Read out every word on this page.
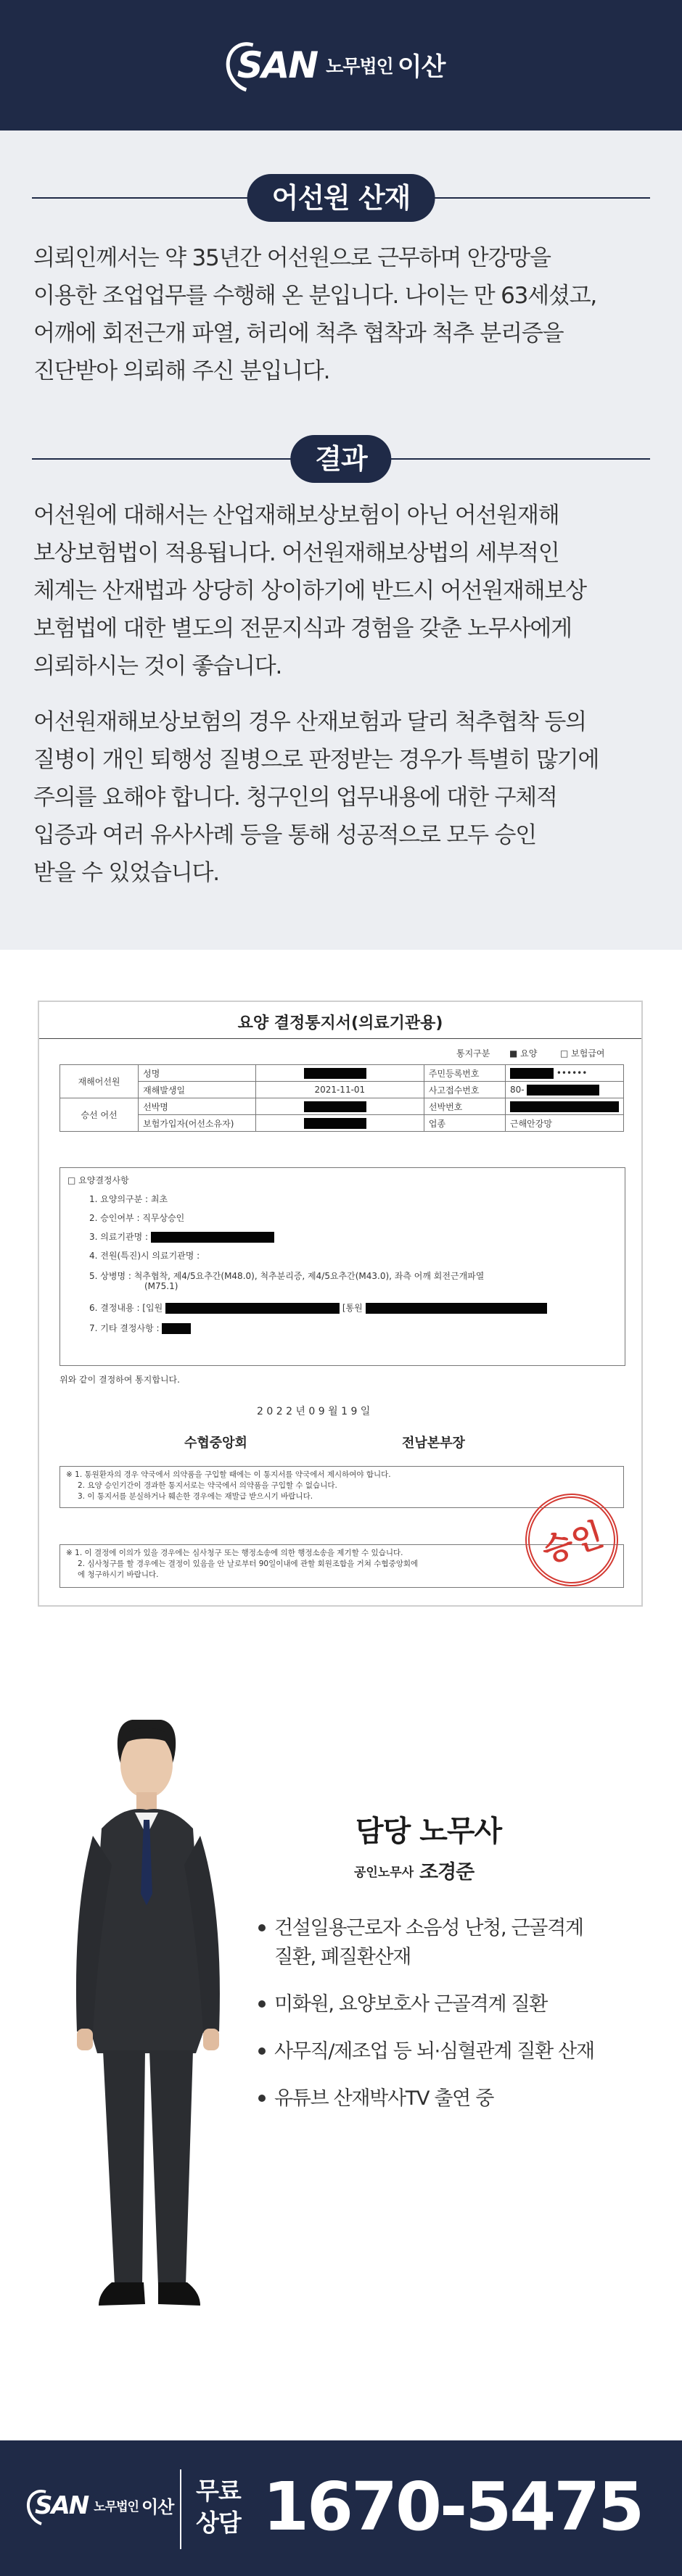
SAN 노무법인 이산
어선원 산재

의뢰인께서는 약 35년간 어선원으로 근무하며 안강망을
이용한 조업업무를 수행해 온 분입니다. 나이는 만 63세셨고,
어깨에 회전근개 파열, 허리에 척추 협착과 척추 분리증을
진단받아 의뢰해 주신 분입니다.

결과

어선원에 대해서는 산업재해보상보험이 아닌 어선원재해
보상보험법이 적용됩니다. 어선원재해보상법의 세부적인
체계는 산재법과 상당히 상이하기에 반드시 어선원재해보상
보험법에 대한 별도의 전문지식과 경험을 갖춘 노무사에게
의뢰하시는 것이 좋습니다.

어선원재해보상보험의 경우 산재보험과 달리 척추협착 등의
질병이 개인 퇴행성 질병으로 판정받는 경우가 특별히 많기에
주의를 요해야 합니다. 청구인의 업무내용에 대한 구체적
입증과 여러 유사사례 등을 통해 성공적으로 모두 승인
받을 수 있었습니다.

요양 결정통지서(의료기관용)
통지구분 ■ 요양	□ 보험급여
재해어선원	성명		주민등록번호	••••••
	재해발생일	2021-11-01	사고접수번호	80-
승선 어선	선박명		선박번호	
	보험가입자(어선소유자)		업종	근해안강망
□ 요양결정사항
1. 요양의구분 : 최초
2. 승인여부 : 직무상승인
3. 의료기관명 :
4. 전원(특진)시 의료기관명 :
5. 상병명 : 척추협착, 제4/5요추간(M48.0), 척추분리증, 제4/5요추간(M43.0), 좌측 어깨 회전근개파열
(M75.1)
6. 결정내용 : [입원	[통원
7. 기타 결정사항 :
위와 같이 결정하여 통지합니다.
2 0 2 2 년 0 9 월 1 9 일
수협중앙회	전남본부장
※ 1. 통원환자의 경우 약국에서 의약품을 구입할 때에는 이 통지서를 약국에서 제시하여야 합니다.
2. 요양 승인기간이 경과한 통지서로는 약국에서 의약품을 구입할 수 없습니다.
3. 이 통지서를 분실하거나 훼손한 경우에는 재발급 받으시기 바랍니다.
※ 1. 이 결정에 이의가 있을 경우에는 심사청구 또는 행정소송에 의한 행정소송을 제기할 수 있습니다.
2. 심사청구를 할 경우에는 결정이 있음을 안 날로부터 90일이내에 관할 회원조합을 거쳐 수협중앙회에
에 청구하시기 바랍니다.
승인
담당 노무사
공인노무사 조경준
건설일용근로자 소음성 난청, 근골격계
질환, 폐질환산재
미화원, 요양보호사 근골격계 질환
사무직/제조업 등 뇌·심혈관계 질환 산재
유튜브 산재박사TV 출연 중
SAN 노무법인 이산
무료
상담 1670-5475
